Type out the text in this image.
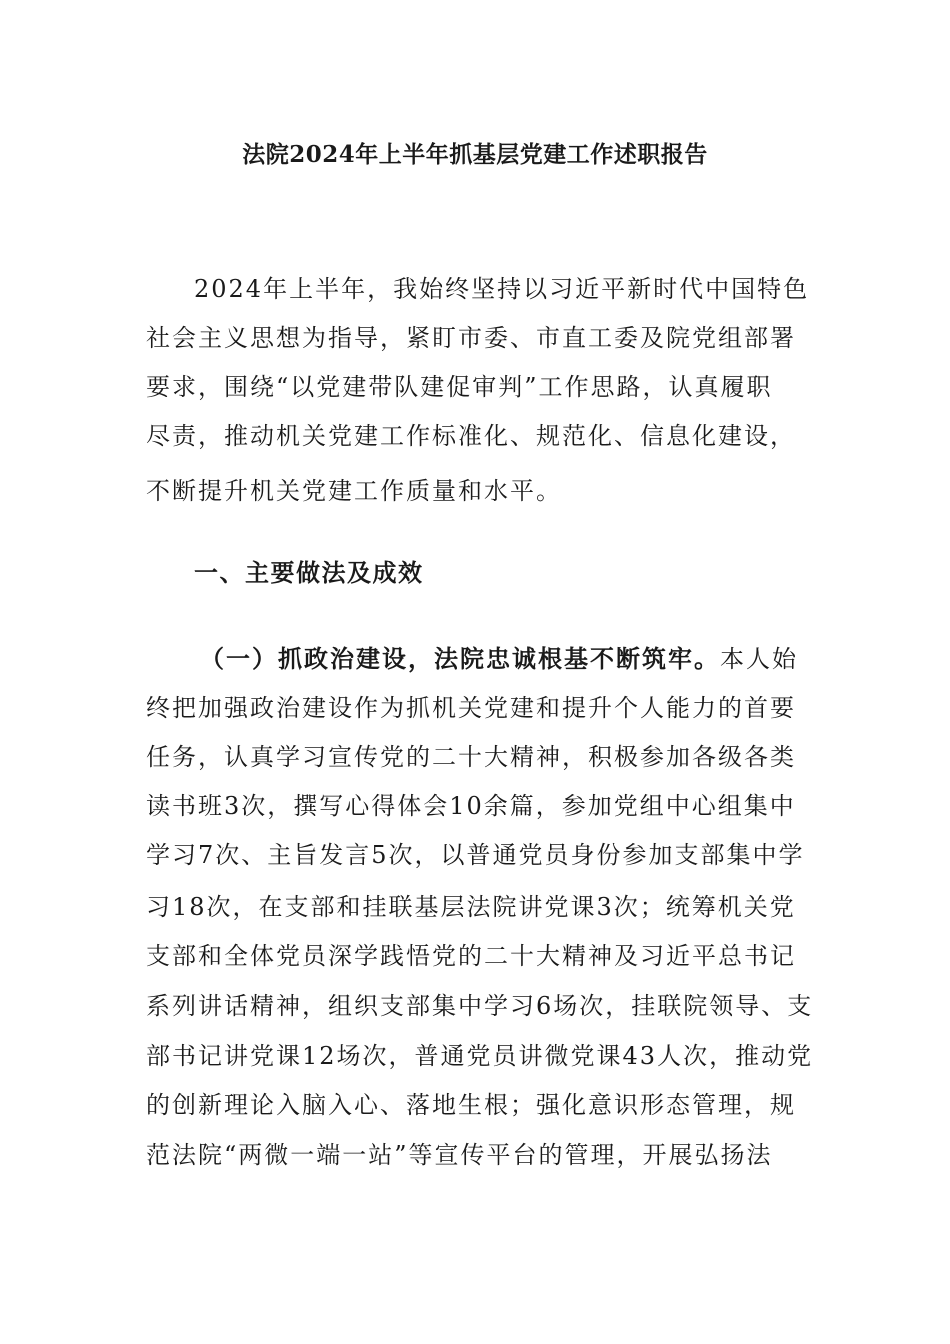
法院2024年上半年抓基层党建工作述职报告

2024年上半年，我始终坚持以习近平新时代中国特色

社会主义思想为指导，紧盯市委、市直工委及院党组部署

要求，围绕“以党建带队建促审判”工作思路，认真履职

尽责，推动机关党建工作标准化、规范化、信息化建设，

不断提升机关党建工作质量和水平。

一、主要做法及成效

（一）抓政治建设，法院忠诚根基不断筑牢。本人始

终把加强政治建设作为抓机关党建和提升个人能力的首要

任务，认真学习宣传党的二十大精神，积极参加各级各类

读书班3次，撰写心得体会10余篇，参加党组中心组集中

学习7次、主旨发言5次，以普通党员身份参加支部集中学

习18次，在支部和挂联基层法院讲党课3次；统筹机关党

支部和全体党员深学践悟党的二十大精神及习近平总书记

系列讲话精神，组织支部集中学习6场次，挂联院领导、支

部书记讲党课12场次，普通党员讲微党课43人次，推动党

的创新理论入脑入心、落地生根；强化意识形态管理，规

范法院“两微一端一站”等宣传平台的管理，开展弘扬法
